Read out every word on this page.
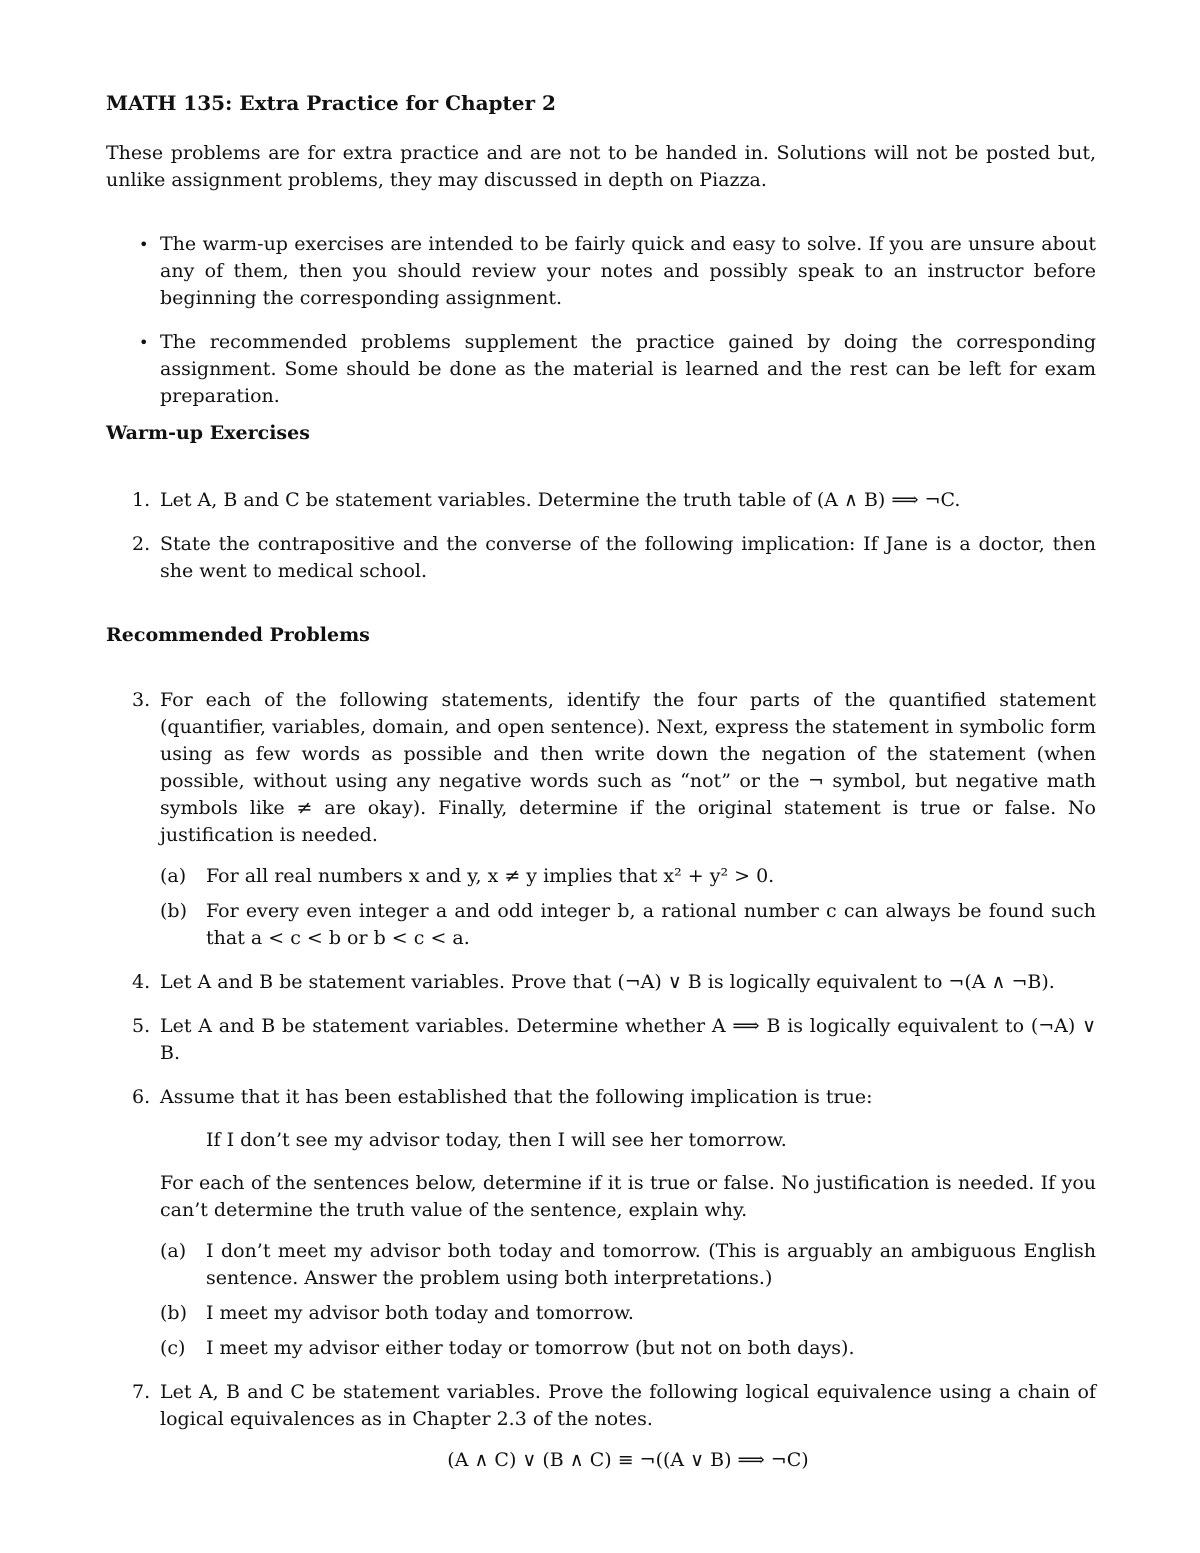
MATH 135: Extra Practice for Chapter 2

These problems are for extra practice and are not to be handed in. Solutions will not be posted but, unlike assignment problems, they may discussed in depth on Piazza.

• The warm-up exercises are intended to be fairly quick and easy to solve. If you are unsure about any of them, then you should review your notes and possibly speak to an instructor before beginning the corresponding assignment.
• The recommended problems supplement the practice gained by doing the corresponding assignment. Some should be done as the material is learned and the rest can be left for exam preparation.
Warm-up Exercises
1. Let A, B and C be statement variables. Determine the truth table of (A ∧ B) ⟹ ¬C.
2. State the contrapositive and the converse of the following implication: If Jane is a doctor, then she went to medical school.
Recommended Problems
3. For each of the following statements, identify the four parts of the quantified statement (quantifier, variables, domain, and open sentence). Next, express the statement in symbolic form using as few words as possible and then write down the negation of the statement (when possible, without using any negative words such as “not” or the ¬ symbol, but negative math symbols like ≠ are okay). Finally, determine if the original statement is true or false. No justification is needed.
(a) For all real numbers x and y, x ≠ y implies that x² + y² > 0.
(b) For every even integer a and odd integer b, a rational number c can always be found such that a < c < b or b < c < a.
4. Let A and B be statement variables. Prove that (¬A) ∨ B is logically equivalent to ¬(A ∧ ¬B).
5. Let A and B be statement variables. Determine whether A ⟹ B is logically equivalent to (¬A) ∨ B.
6. Assume that it has been established that the following implication is true:
If I don’t see my advisor today, then I will see her tomorrow.
For each of the sentences below, determine if it is true or false. No justification is needed. If you can’t determine the truth value of the sentence, explain why.
(a) I don’t meet my advisor both today and tomorrow. (This is arguably an ambiguous English sentence. Answer the problem using both interpretations.)
(b) I meet my advisor both today and tomorrow.
(c) I meet my advisor either today or tomorrow (but not on both days).
7. Let A, B and C be statement variables. Prove the following logical equivalence using a chain of logical equivalences as in Chapter 2.3 of the notes.
(A ∧ C) ∨ (B ∧ C) ≡ ¬((A ∨ B) ⟹ ¬C)
